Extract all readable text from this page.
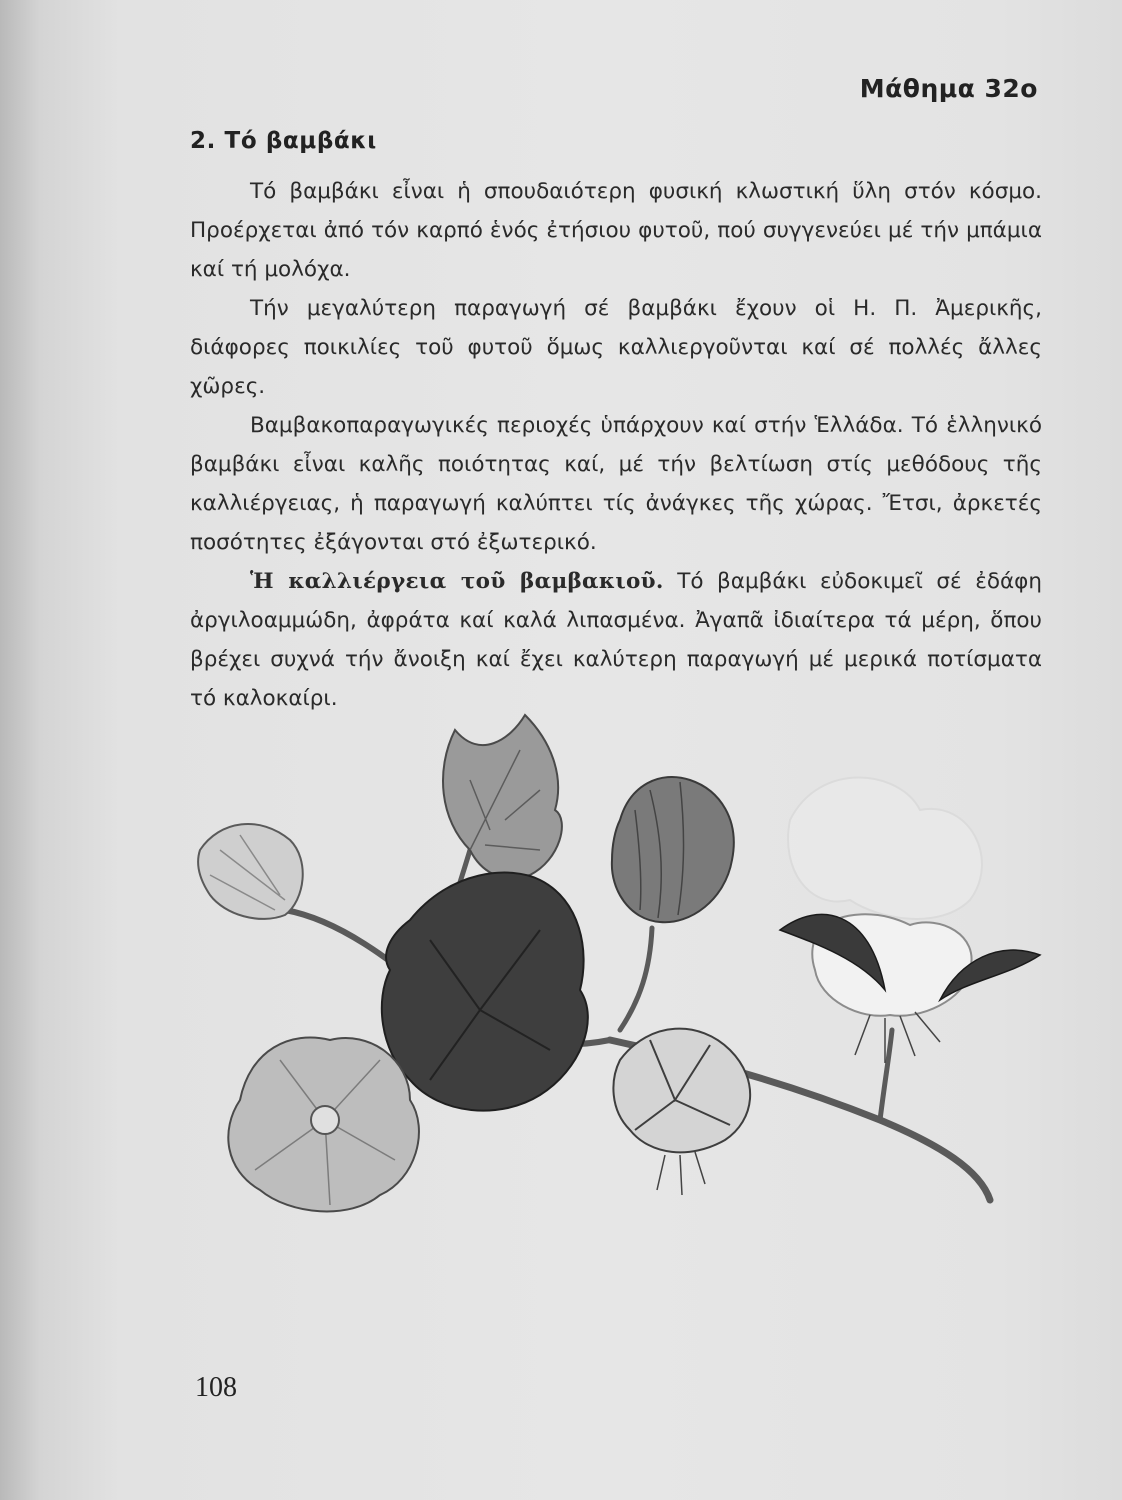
Μάθημα 32ο
2. Τό βαμβάκι

Τό βαμβάκι εἶναι ἡ σπουδαιότερη φυσική κλωστική ὕλη στόν κόσμο. Προέρχεται ἀπό τόν καρπό ἑνός ἐτήσιου φυτοῦ, πού συγγενεύει μέ τήν μπάμια καί τή μολόχα.

Τήν μεγαλύτερη παραγωγή σέ βαμβάκι ἔχουν οἱ Η. Π. Ἀμερικῆς, διάφορες ποικιλίες τοῦ φυτοῦ ὅμως καλλιεργοῦνται καί σέ πολλές ἄλλες χῶρες.

Βαμβακοπαραγωγικές περιοχές ὑπάρχουν καί στήν Ἑλλάδα. Τό ἑλληνικό βαμβάκι εἶναι καλῆς ποιότητας καί, μέ τήν βελτίωση στίς μεθόδους τῆς καλλιέργειας, ἡ παραγωγή καλύπτει τίς ἀνάγκες τῆς χώρας. Ἔτσι, ἀρκετές ποσότητες ἐξάγονται στό ἐξωτερικό.

Ἡ καλλιέργεια τοῦ βαμβακιοῦ. Τό βαμβάκι εὐδοκιμεῖ σέ ἐδάφη ἀργιλοαμμώδη, ἀφράτα καί καλά λιπασμένα. Ἀγαπᾶ ἰδιαίτερα τά μέρη, ὅπου βρέχει συχνά τήν ἄνοιξη καί ἔχει καλύτερη παραγωγή μέ μερικά ποτίσματα τό καλοκαίρι.

108
